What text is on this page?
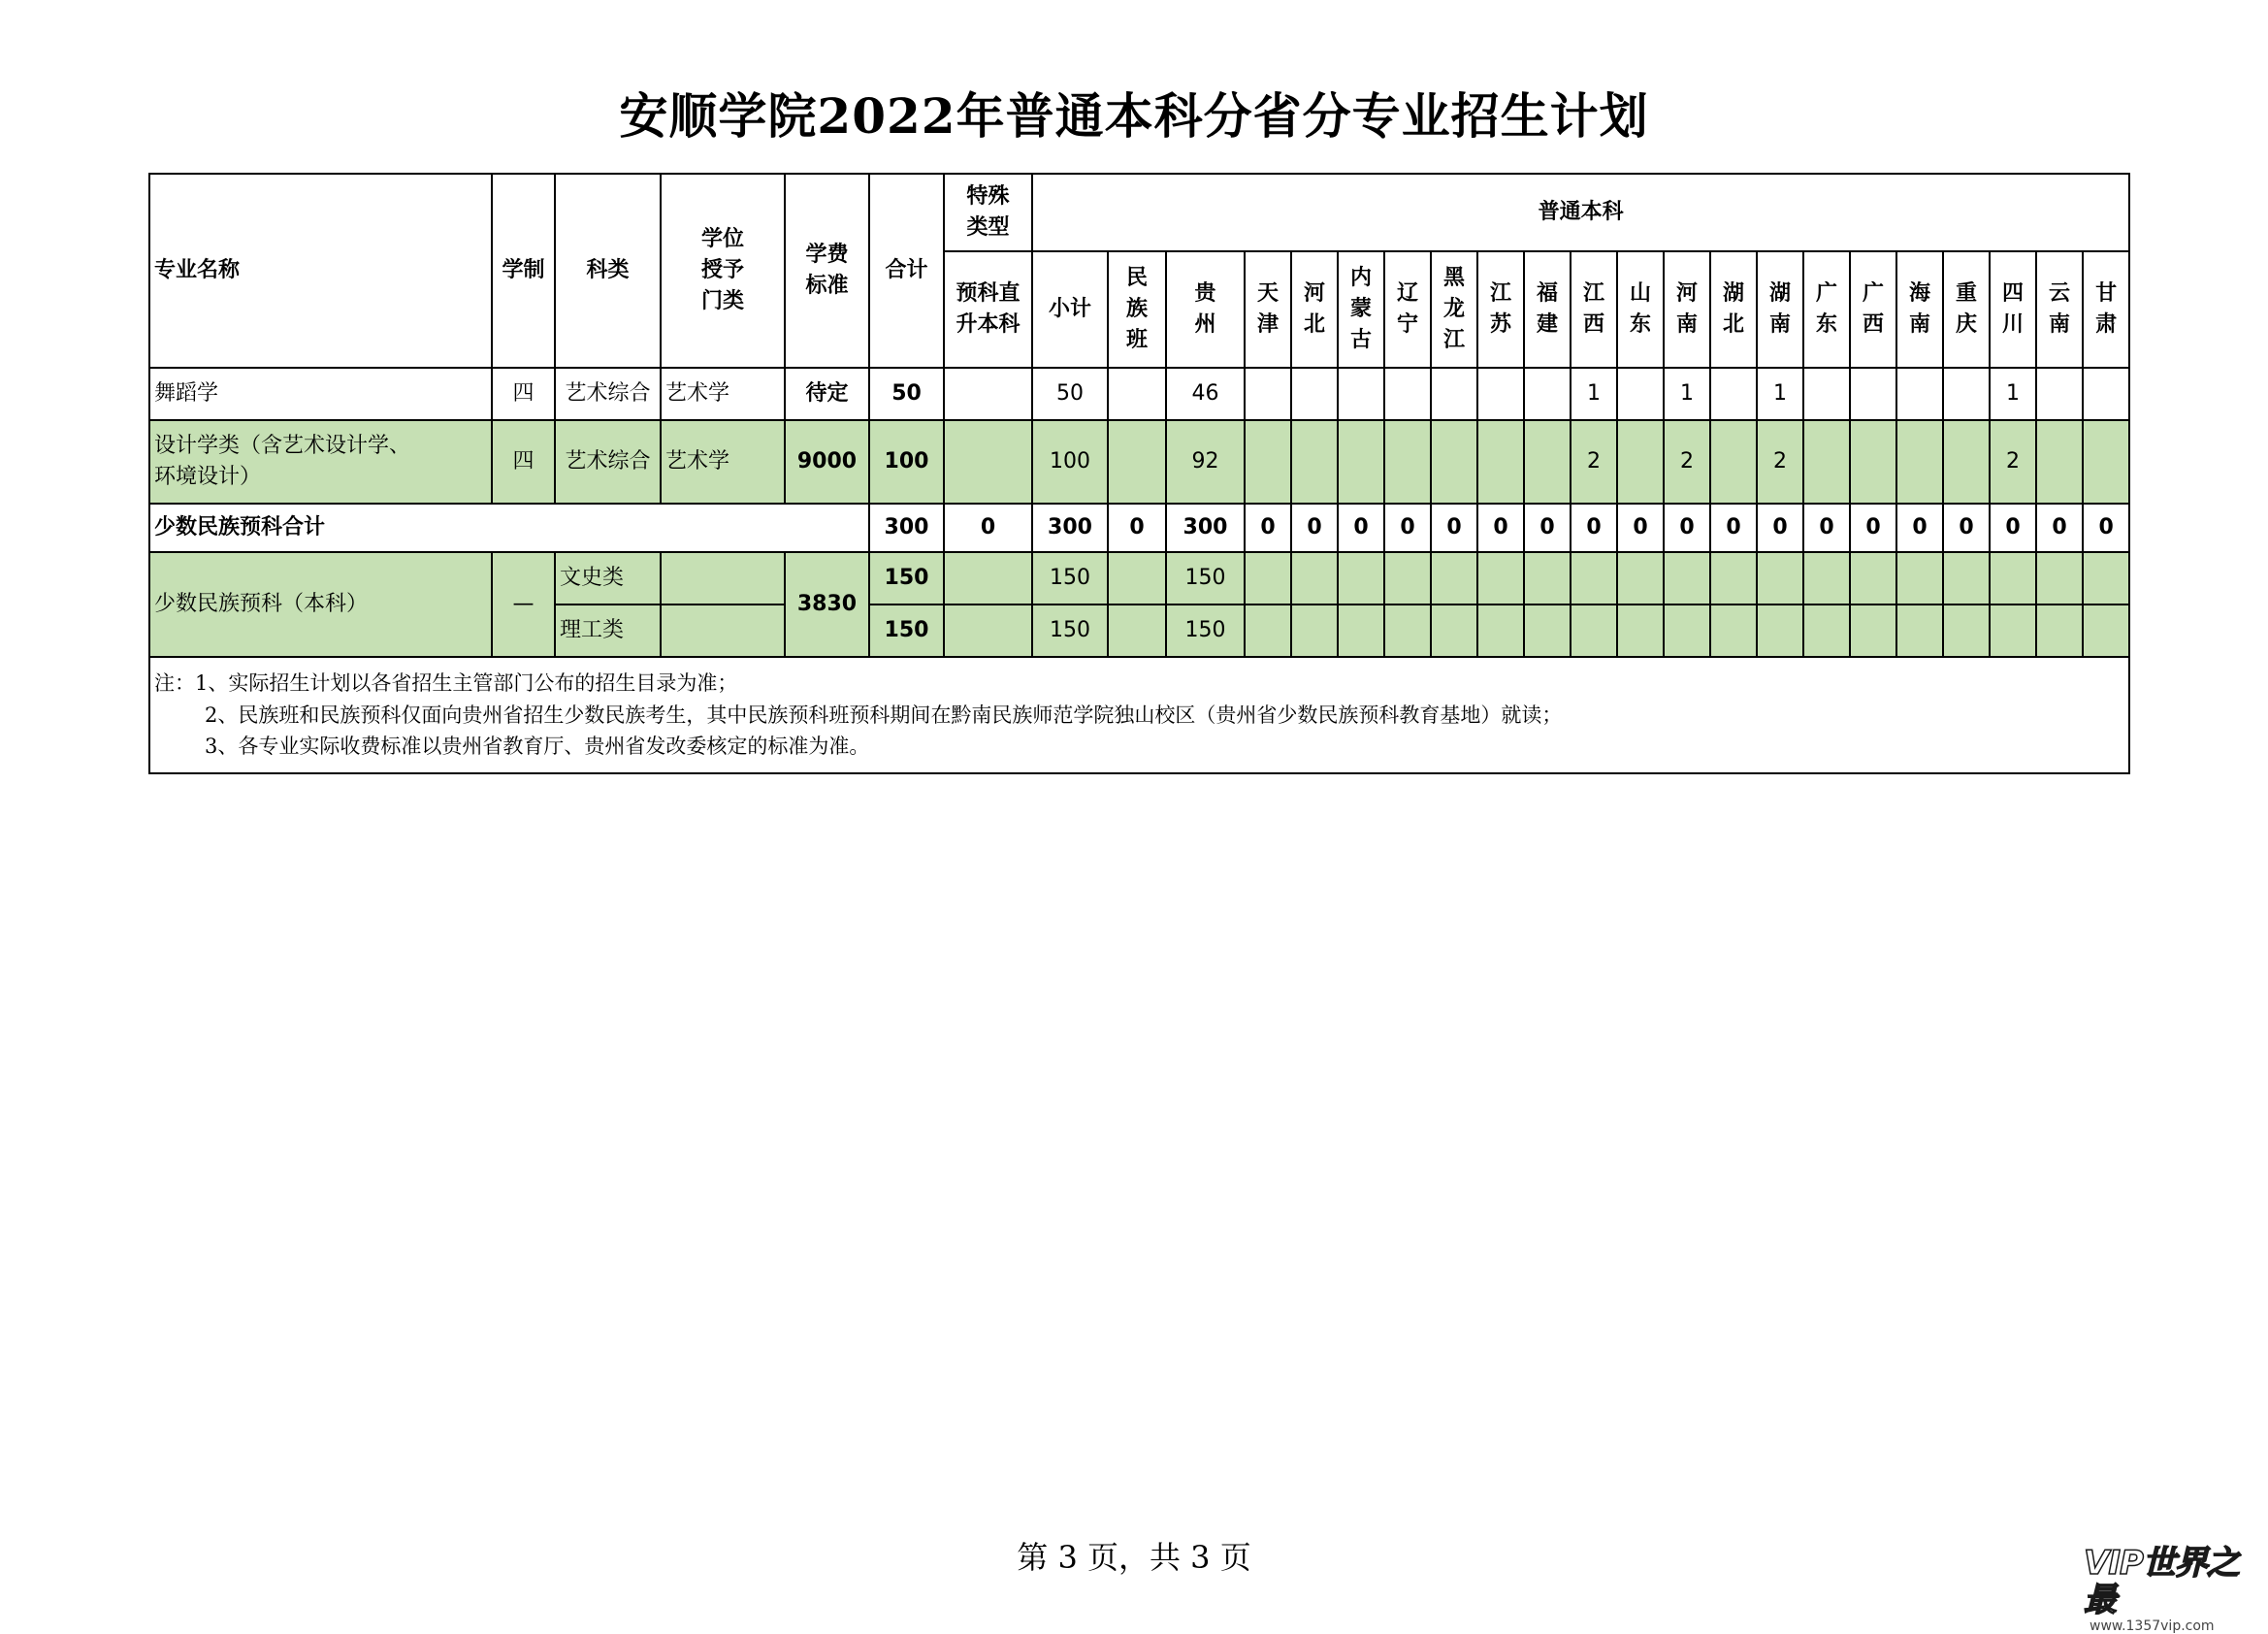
安顺学院2022年普通本科分省分专业招生计划
专业名称	学制	科类	学位授予门类	学费标准	合计	特殊类型	普通本科																					

						预科直升本科	小计	民族班	贵州	天津	河北	内蒙古	辽宁	黑龙江	江苏	福建	江西	山东	河南	湖北	湖南	广东	广西	海南	重庆	四川	云南	甘肃

舞蹈学	四	艺术综合	艺术学	待定	50		50		46								1		1		1					1		

设计学类（含艺术设计学、环境设计）	四	艺术综合	艺术学	9000	100		100		92								2		2		2					2		
少数民族预科合计					300	0	300	0	300	0	0	0	0	0	0	0	0	0	0	0	0	0	0	0	0	0	0	0
少数民族预科（本科）	—	文史类		3830	150		150		150																			
		理工类			150		150		150																			

注：1、实际招生计划以各省招生主管部门公布的招生目录为准；
2、民族班和民族预科仅面向贵州省招生少数民族考生，其中民族预科班预科期间在黔南民族师范学院独山校区（贵州省少数民族预科教育基地）就读；
3、各专业实际收费标准以贵州省教育厅、贵州省发改委核定的标准为准。																												
第 3 页，共 3 页	VIP世界之最
www.1357vip.com
